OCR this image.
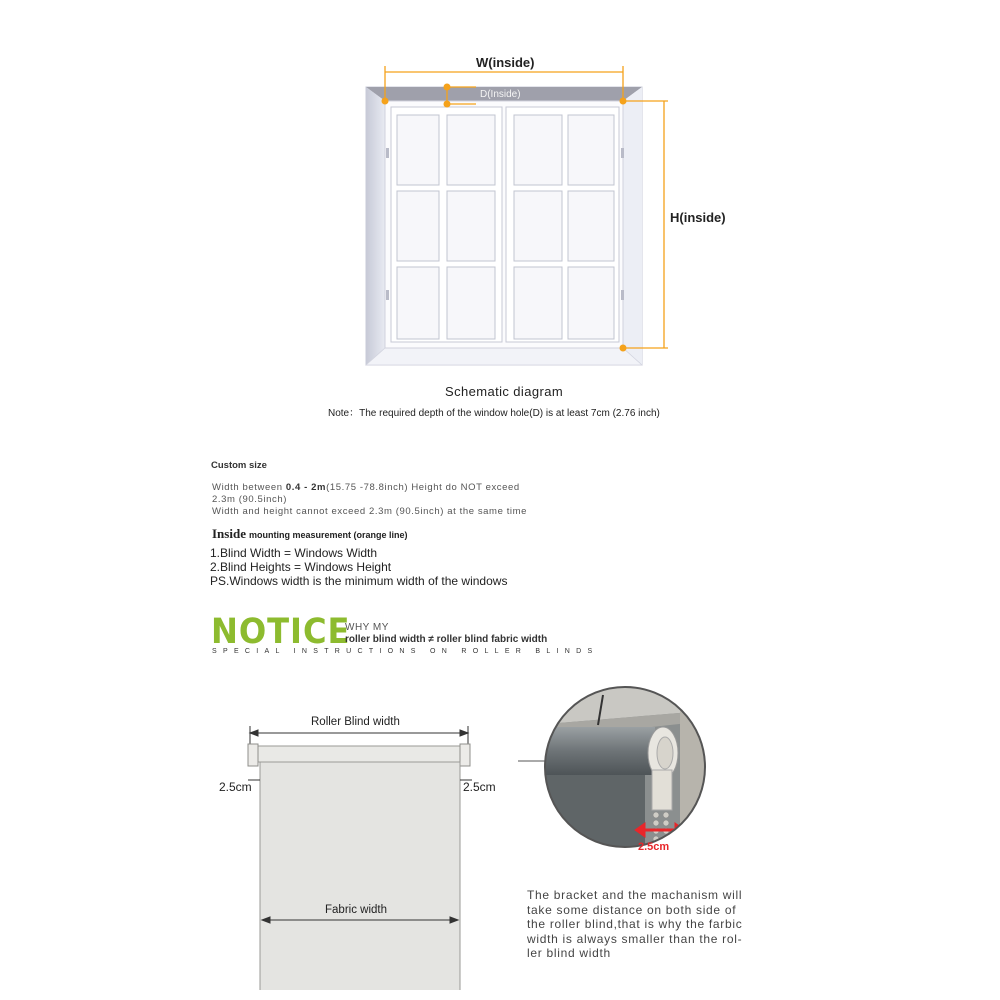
W(inside)
D(Inside)
H(inside)
Schematic diagram
Note：The required depth of the window hole(D) is at least 7cm (2.76 inch)
Custom size
Width between 0.4 - 2m(15.75 -78.8inch) Height do NOT exceed
2.3m (90.5inch)
Width and height cannot exceed 2.3m (90.5inch) at the same time
Inside mounting measurement (orange line)
1.Blind Width = Windows Width
2.Blind Heights = Windows Height
PS.Windows width is the minimum width of the windows
NOTICE
WHY MY
roller blind width ≠ roller blind fabric width
SPECIAL INSTRUCTIONS ON ROLLER BLINDS
Roller Blind width
2.5cm	2.5cm
Fabric width
2.5cm
The bracket and the machanism will
take some distance on both side of
the roller blind,that is why the farbic
width is always smaller than the rol-
ler blind width
